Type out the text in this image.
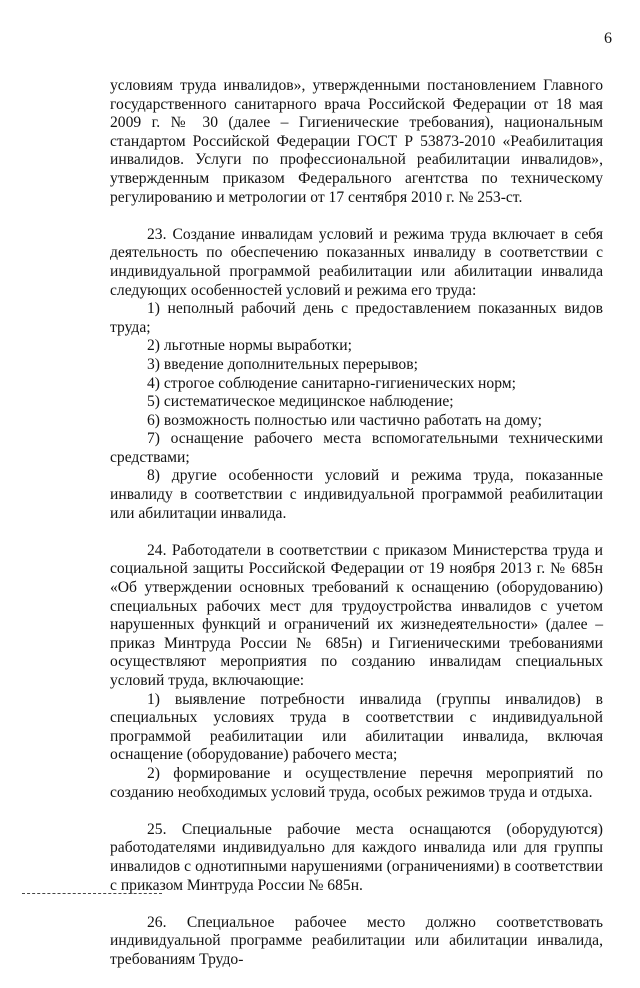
6

условиям труда инвалидов», утвержденными постановлением Главного государственного санитарного врача Российской Федерации от 18 мая 2009 г. № 30 (далее – Гигиенические требования), национальным стандартом Российской Федерации ГОСТ Р 53873-2010 «Реабилитация инвалидов. Услуги по профессиональной реабилитации инвалидов», утвержденным приказом Федерального агентства по техническому регулированию и метрологии от 17 сентября 2010 г. № 253-ст.

23. Создание инвалидам условий и режима труда включает в себя деятельность по обеспечению показанных инвалиду в соответствии с индивидуальной программой реабилитации или абилитации инвалида следующих особенностей условий и режима его труда:

1) неполный рабочий день с предоставлением показанных видов труда;

2) льготные нормы выработки;

3) введение дополнительных перерывов;

4) строгое соблюдение санитарно-гигиенических норм;

5) систематическое медицинское наблюдение;

6) возможность полностью или частично работать на дому;

7) оснащение рабочего места вспомогательными техническими средствами;

8) другие особенности условий и режима труда, показанные инвалиду в соответствии с индивидуальной программой реабилитации или абилитации инвалида.

24. Работодатели в соответствии с приказом Министерства труда и социальной защиты Российской Федерации от 19 ноября 2013 г. № 685н «Об утверждении основных требований к оснащению (оборудованию) специальных рабочих мест для трудоустройства инвалидов с учетом нарушенных функций и ограничений их жизнедеятельности» (далее – приказ Минтруда России № 685н) и Гигиеническими требованиями осуществляют мероприятия по созданию инвалидам специальных условий труда, включающие:

1) выявление потребности инвалида (группы инвалидов) в специальных условиях труда в соответствии с индивидуальной программой реабилитации или абилитации инвалида, включая оснащение (оборудование) рабочего места;

2) формирование и осуществление перечня мероприятий по созданию необходимых условий труда, особых режимов труда и отдыха.

25. Специальные рабочие места оснащаются (оборудуются) работодателями индивидуально для каждого инвалида или для группы инвалидов с однотипными нарушениями (ограничениями) в соответствии с приказом Минтруда России № 685н.

26. Специальное рабочее место должно соответствовать индивидуальной программе реабилитации или абилитации инвалида, требованиям Трудо-
